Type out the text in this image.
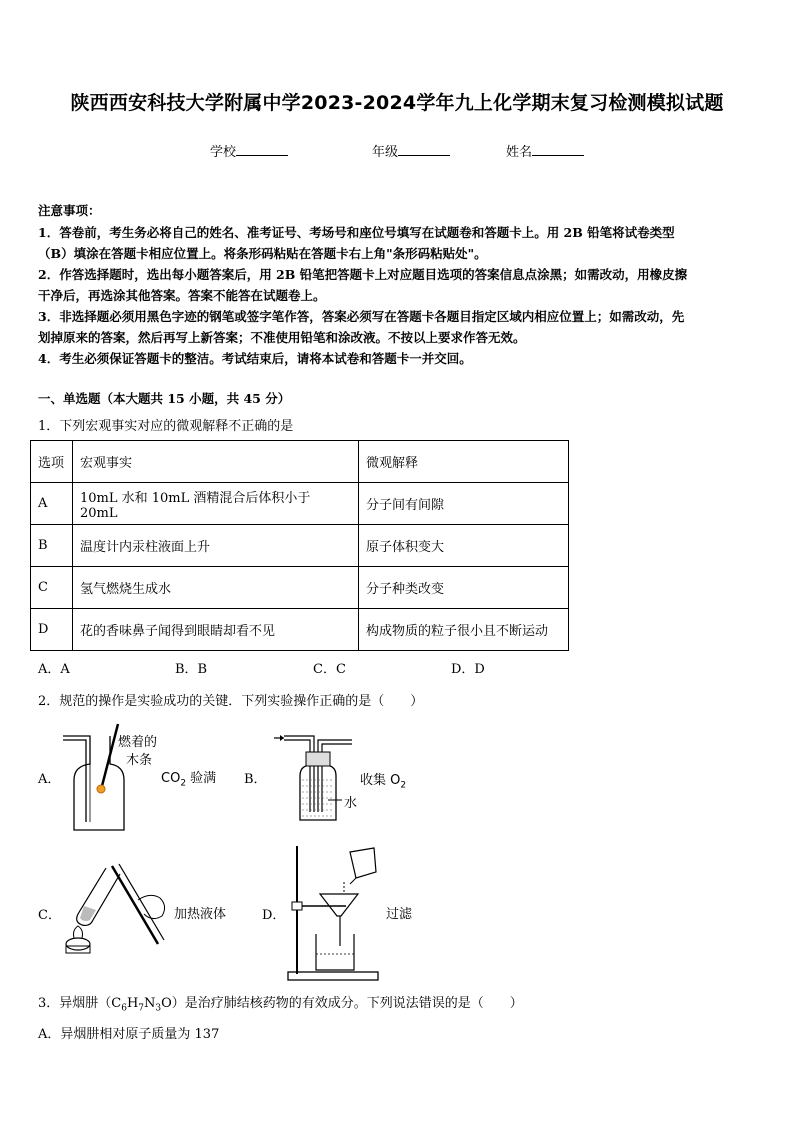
陕西西安科技大学附属中学2023-2024学年九上化学期末复习检测模拟试题
学校	年级	姓名
注意事项：
1．答卷前，考生务必将自己的姓名、准考证号、考场号和座位号填写在试题卷和答题卡上。用 2B 铅笔将试卷类型
（B）填涂在答题卡相应位置上。将条形码粘贴在答题卡右上角"条形码粘贴处"。
2．作答选择题时，选出每小题答案后，用 2B 铅笔把答题卡上对应题目选项的答案信息点涂黑；如需改动，用橡皮擦
干净后，再选涂其他答案。答案不能答在试题卷上。
3．非选择题必须用黑色字迹的钢笔或签字笔作答，答案必须写在答题卡各题目指定区域内相应位置上；如需改动，先
划掉原来的答案，然后再写上新答案；不准使用铅笔和涂改液。不按以上要求作答无效。
4．考生必须保证答题卡的整洁。考试结束后，请将本试卷和答题卡一并交回。
一、单选题（本大题共 15 小题，共 45 分）
1．下列宏观事实对应的微观解释不正确的是
选项	宏观事实	微观解释
A	10mL 水和 10mL 酒精混合后体积小于 20mL	分子间有间隙
B	温度计内汞柱液面上升	原子体积变大
C	氢气燃烧生成水	分子种类改变
D	花的香味鼻子闻得到眼睛却看不见	构成物质的粒子很小且不断运动
A．A	B．B	C．C	D．D
2．规范的操作是实验成功的关键．下列实验操作正确的是（　　）
A．
燃着的
木条
$CO_2$ 验满 B．	收集 $O_2$
水
C．	加热液体	D．	过滤
3．异烟肼$(C_6H_7N_3O)$是治疗肺结核药物的有效成分。下列说法错误的是（　　）
A．异烟肼相对原子质量为 137
